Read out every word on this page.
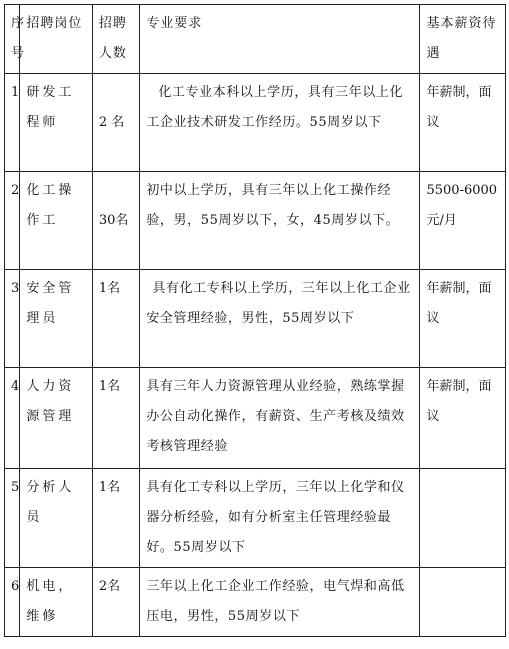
序号	招聘岗位	招聘人数	专业要求	基本薪资待遇
1	研发工程师	2 名	化工专业本科以上学历，具有三年以上化工企业技术研发工作经历。55周岁以下	年薪制，面议
2	化工操作工	30名	初中以上学历，具有三年以上化工操作经验，男，55周岁以下，女，45周岁以下。	5500-6000元/月
3	安全管理员	1名	具有化工专科以上学历，三年以上化工企业安全管理经验，男性，55周岁以下	年薪制，面议
4	人力资源管理	1名	具有三年人力资源管理从业经验，熟练掌握办公自动化操作，有薪资、生产考核及绩效考核管理经验	年薪制，面议
5	分析人员	1名	具有化工专科以上学历，三年以上化学和仪器分析经验，如有分析室主任管理经验最好。55周岁以下	
6	机电，维修	2名	三年以上化工企业工作经验，电气焊和高低压电，男性，55周岁以下	
